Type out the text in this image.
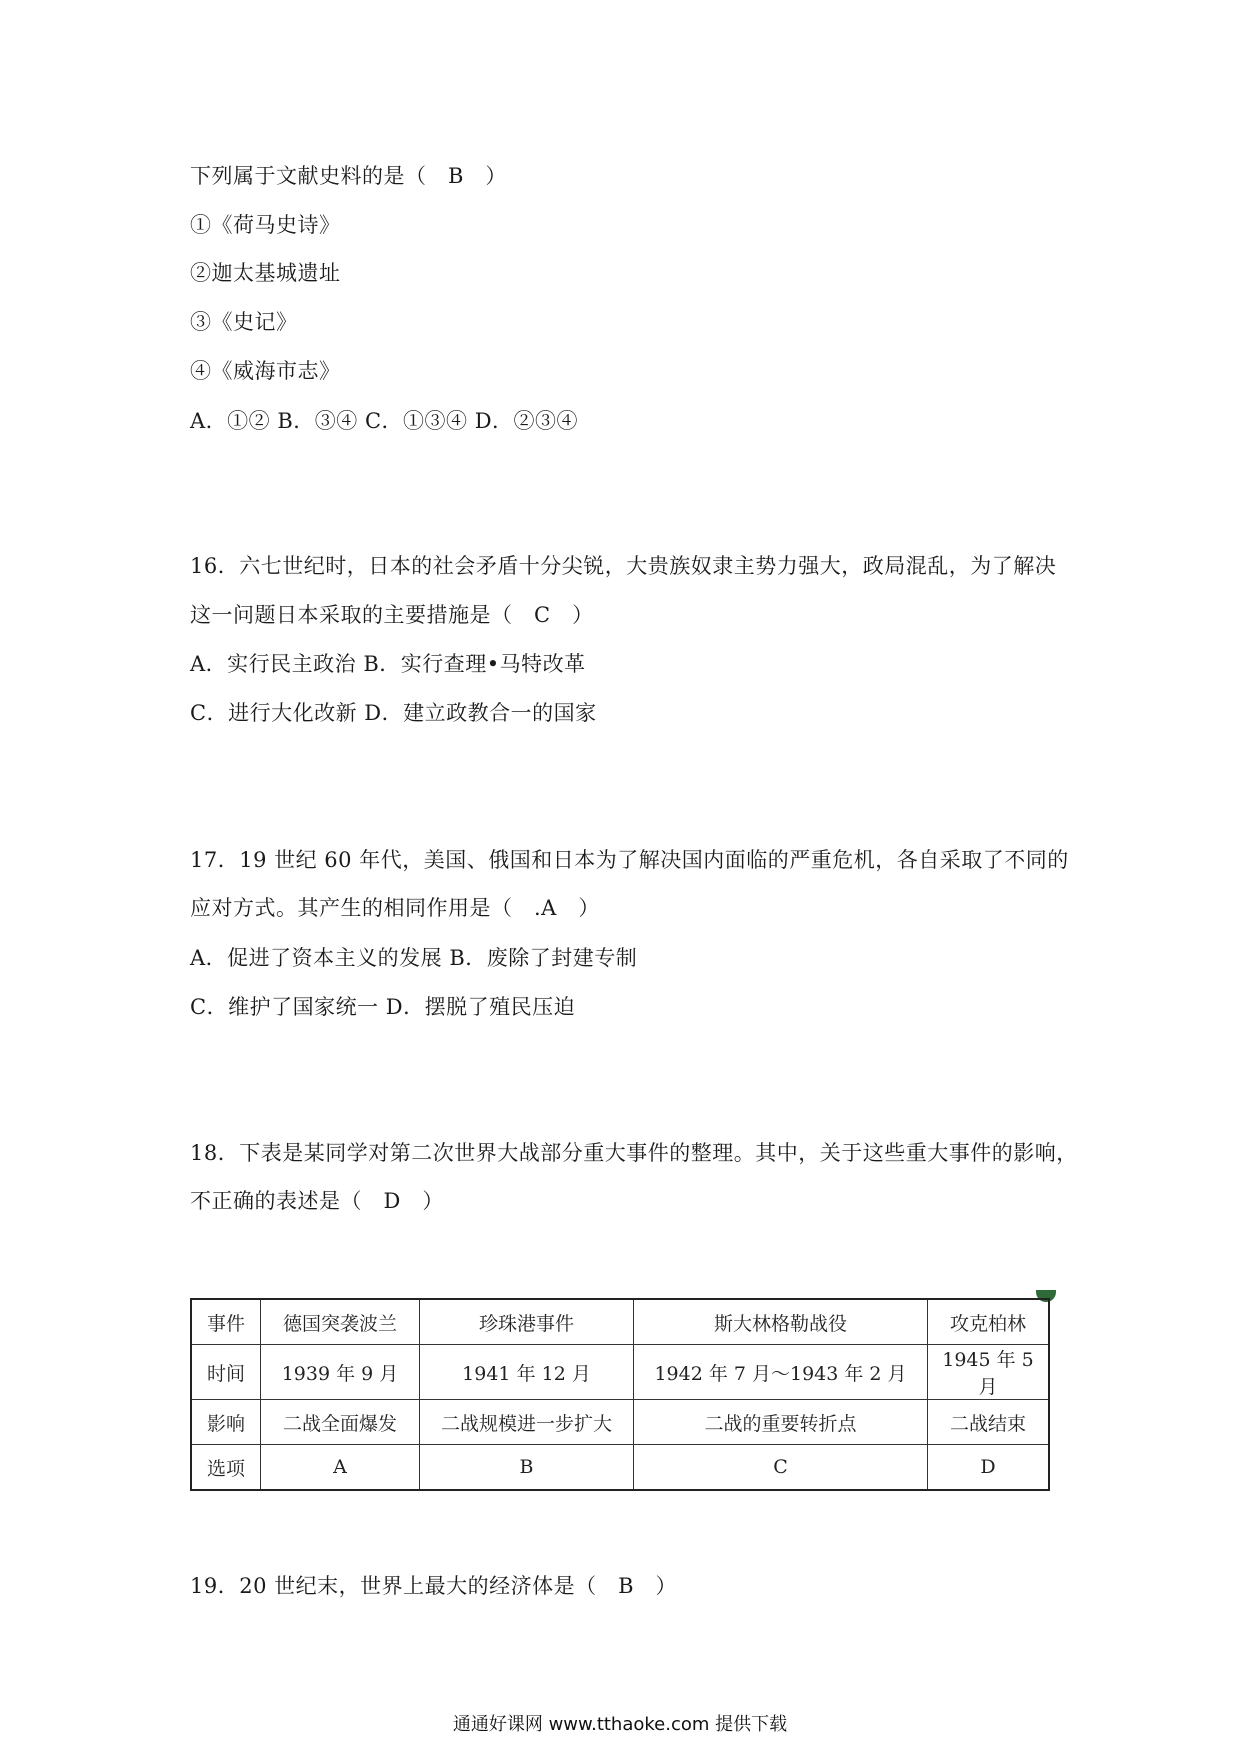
下列属于文献史料的是（　B　）
①《荷马史诗》
②迦太基城遗址
③《史记》
④《威海市志》
A．①② B．③④ C．①③④ D．②③④
16．六七世纪时，日本的社会矛盾十分尖锐，大贵族奴隶主势力强大，政局混乱，为了解决
这一问题日本采取的主要措施是（　C　）
A．实行民主政治 B．实行查理•马特改革
C．进行大化改新 D．建立政教合一的国家
17．19 世纪 60 年代，美国、俄国和日本为了解决国内面临的严重危机，各自采取了不同的
应对方式。其产生的相同作用是（　.A　）
A．促进了资本主义的发展 B．废除了封建专制
C．维护了国家统一 D．摆脱了殖民压迫
18．下表是某同学对第二次世界大战部分重大事件的整理。其中，关于这些重大事件的影响，
不正确的表述是（　D　）
事件	德国突袭波兰	珍珠港事件	斯大林格勒战役	攻克柏林
时间	1939 年 9 月	1941 年 12 月	1942 年 7 月～1943 年 2 月	1945 年 5 月
影响	二战全面爆发	二战规模进一步扩大	二战的重要转折点	二战结束
选项	A	B	C	D
19．20 世纪末，世界上最大的经济体是（　B　）
通通好课网 www.tthaoke.com 提供下载
